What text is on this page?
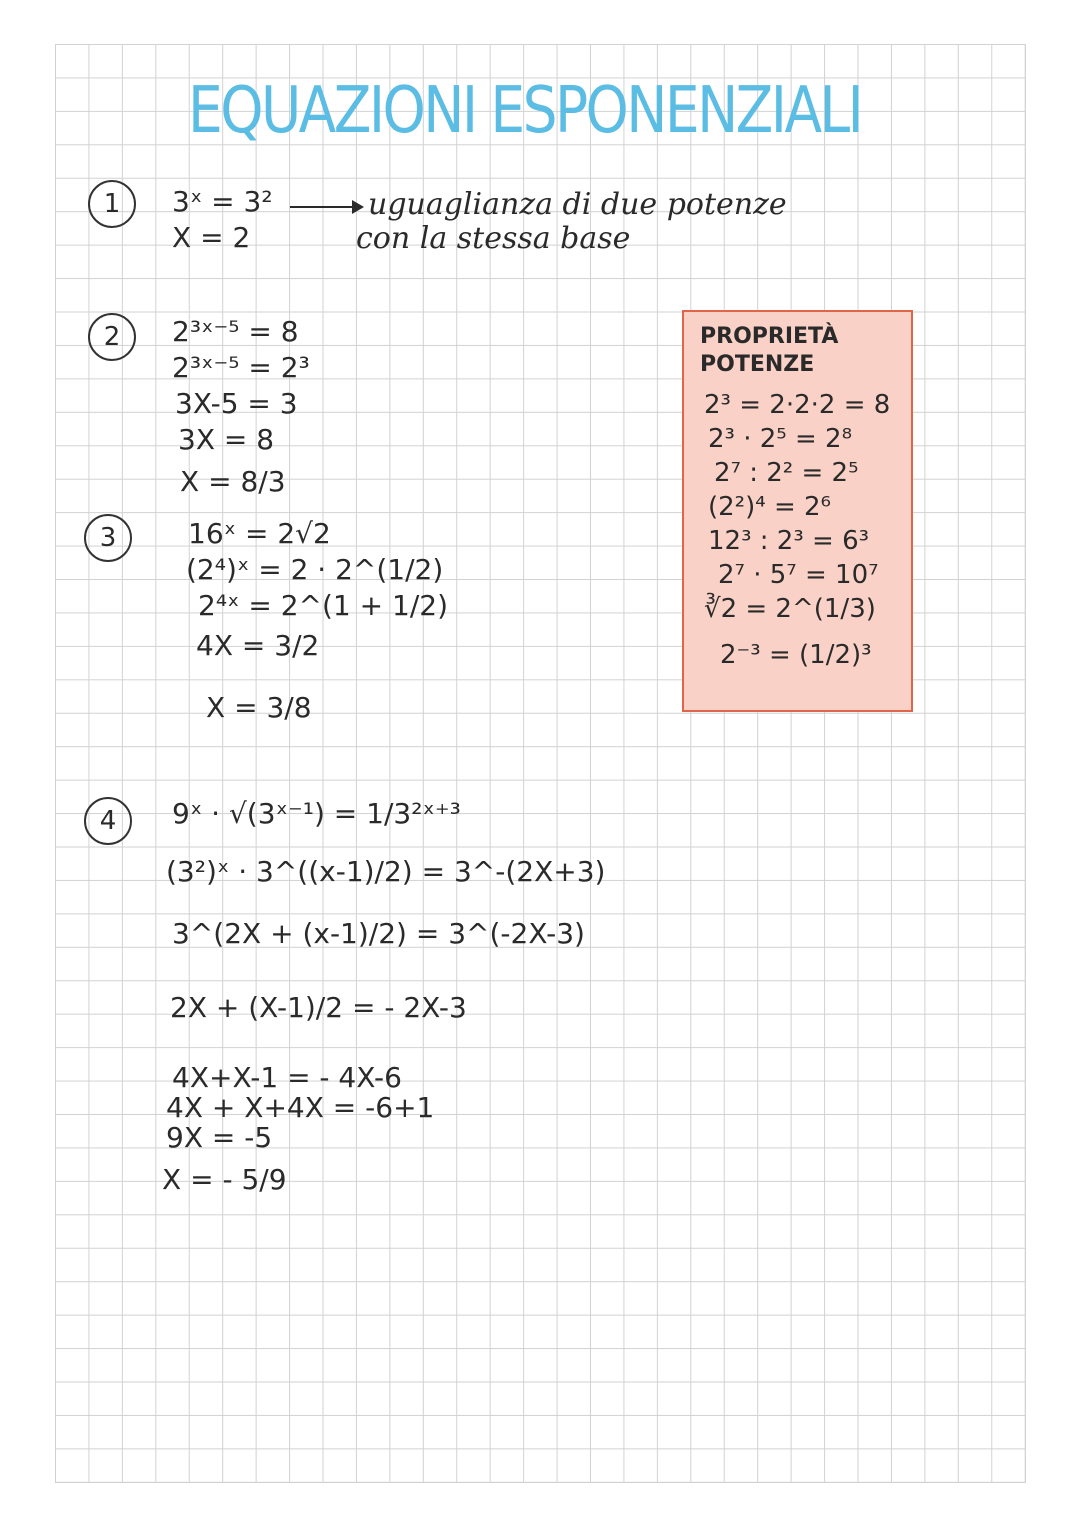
EQUAZIONI ESPONENZIALI
1	3ˣ = 3²
X = 2
uguaglianza di due potenze
con la stessa base
2	2³ˣ⁻⁵ = 8
2³ˣ⁻⁵ = 2³
3X-5 = 3
3X = 8
X = 8/3
3	16ˣ = 2√2
(2⁴)ˣ = 2 · 2^(1/2)
2⁴ˣ = 2^(1 + 1/2)
4X = 3/2
X = 3/8
4	9ˣ · √(3ˣ⁻¹) = 1/3²ˣ⁺³
(3²)ˣ · 3^((x-1)/2) = 3^-(2X+3)
3^(2X + (x-1)/2) = 3^(-2X-3)
2X + (X-1)/2 = - 2X-3
4X+X-1 = - 4X-6
4X + X+4X = -6+1
9X = -5
X = - 5/9
PROPRIETÀ
POTENZE
2³ = 2·2·2 = 8
2³ · 2⁵ = 2⁸
2⁷ : 2² = 2⁵
(2²)⁴ = 2⁶
12³ : 2³ = 6³
2⁷ · 5⁷ = 10⁷
∛2 = 2^(1/3)
2⁻³ = (1/2)³
